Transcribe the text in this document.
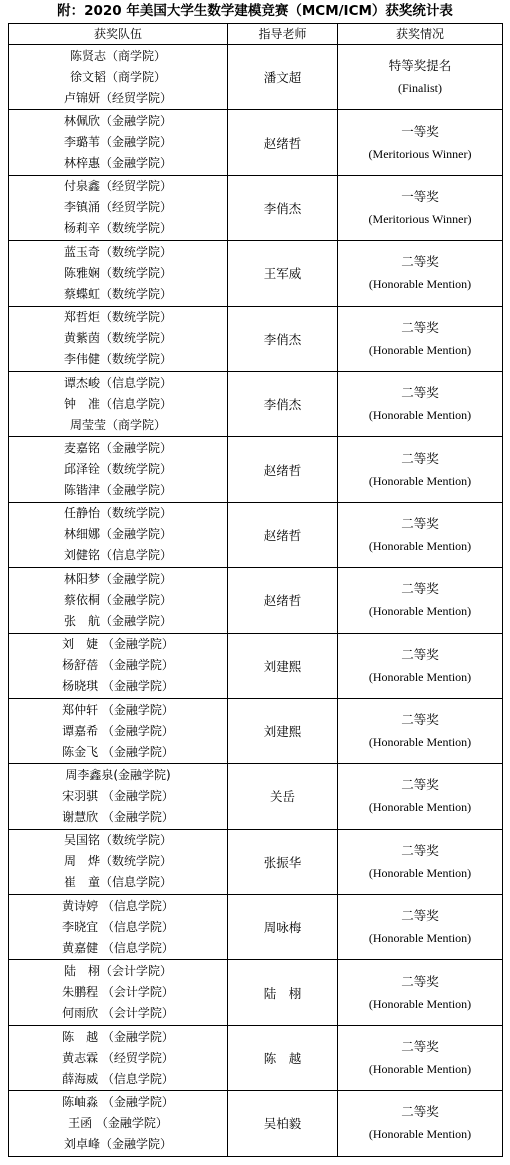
附：2020 年美国大学生数学建模竞赛（MCM/ICM）获奖统计表
获奖队伍	指导老师	获奖情况

陈贤志（商学院）
徐文韬（商学院）
卢锦妍（经贸学院）	潘文超	特等奖提名
(Finalist)

林佩欣（金融学院）
李璐苇（金融学院）
林梓惠（金融学院）	赵绪哲	一等奖
(Meritorious Winner)

付泉鑫（经贸学院）
李镇涌（经贸学院）
杨莉辛（数统学院）	李俏杰	一等奖
(Meritorious Winner)

蓝玉奇（数统学院）
陈雅娴（数统学院）
蔡蝶虹（数统学院）	王军威	二等奖
(Honorable Mention)

郑哲炬（数统学院）
黄紫茵（数统学院）
李伟健（数统学院）	李俏杰	二等奖
(Honorable Mention)

谭杰峻（信息学院）
钟　准（信息学院）
周莹莹（商学院）	李俏杰	二等奖
(Honorable Mention)

麦嘉铭（金融学院）
邱泽铨（数统学院）
陈锴津（金融学院）	赵绪哲	二等奖
(Honorable Mention)

任静怡（数统学院）
林细娜（金融学院）
刘健铭（信息学院）	赵绪哲	二等奖
(Honorable Mention)

林阳梦（金融学院）
蔡依桐（金融学院）
张　航（金融学院）	赵绪哲	二等奖
(Honorable Mention)

刘　婕 （金融学院）
杨舒蓓 （金融学院）
杨晓琪 （金融学院）	刘建熙	二等奖
(Honorable Mention)

郑仲轩 （金融学院）
谭嘉希 （金融学院）
陈金飞 （金融学院）	刘建熙	二等奖
(Honorable Mention)

周李鑫泉(金融学院)
宋羽骐 （金融学院）
谢慧欣 （金融学院）	关岳	二等奖
(Honorable Mention)

吴国铭（数统学院）
周　烨（数统学院）
崔　童（信息学院）	张振华	二等奖
(Honorable Mention)

黄诗婷 （信息学院）
李晓宜 （信息学院）
黄嘉健 （信息学院）	周咏梅	二等奖
(Honorable Mention)

陆　栩（会计学院）
朱鹏程 （会计学院）
何雨欣 （会计学院）	陆　栩	二等奖
(Honorable Mention)

陈　越 （金融学院）
黄志霖 （经贸学院）
薛海威 （信息学院）	陈　越	二等奖
(Honorable Mention)

陈岫淼 （金融学院）
王函 （金融学院）
刘卓峰（金融学院）	吴柏毅	二等奖
(Honorable Mention)
